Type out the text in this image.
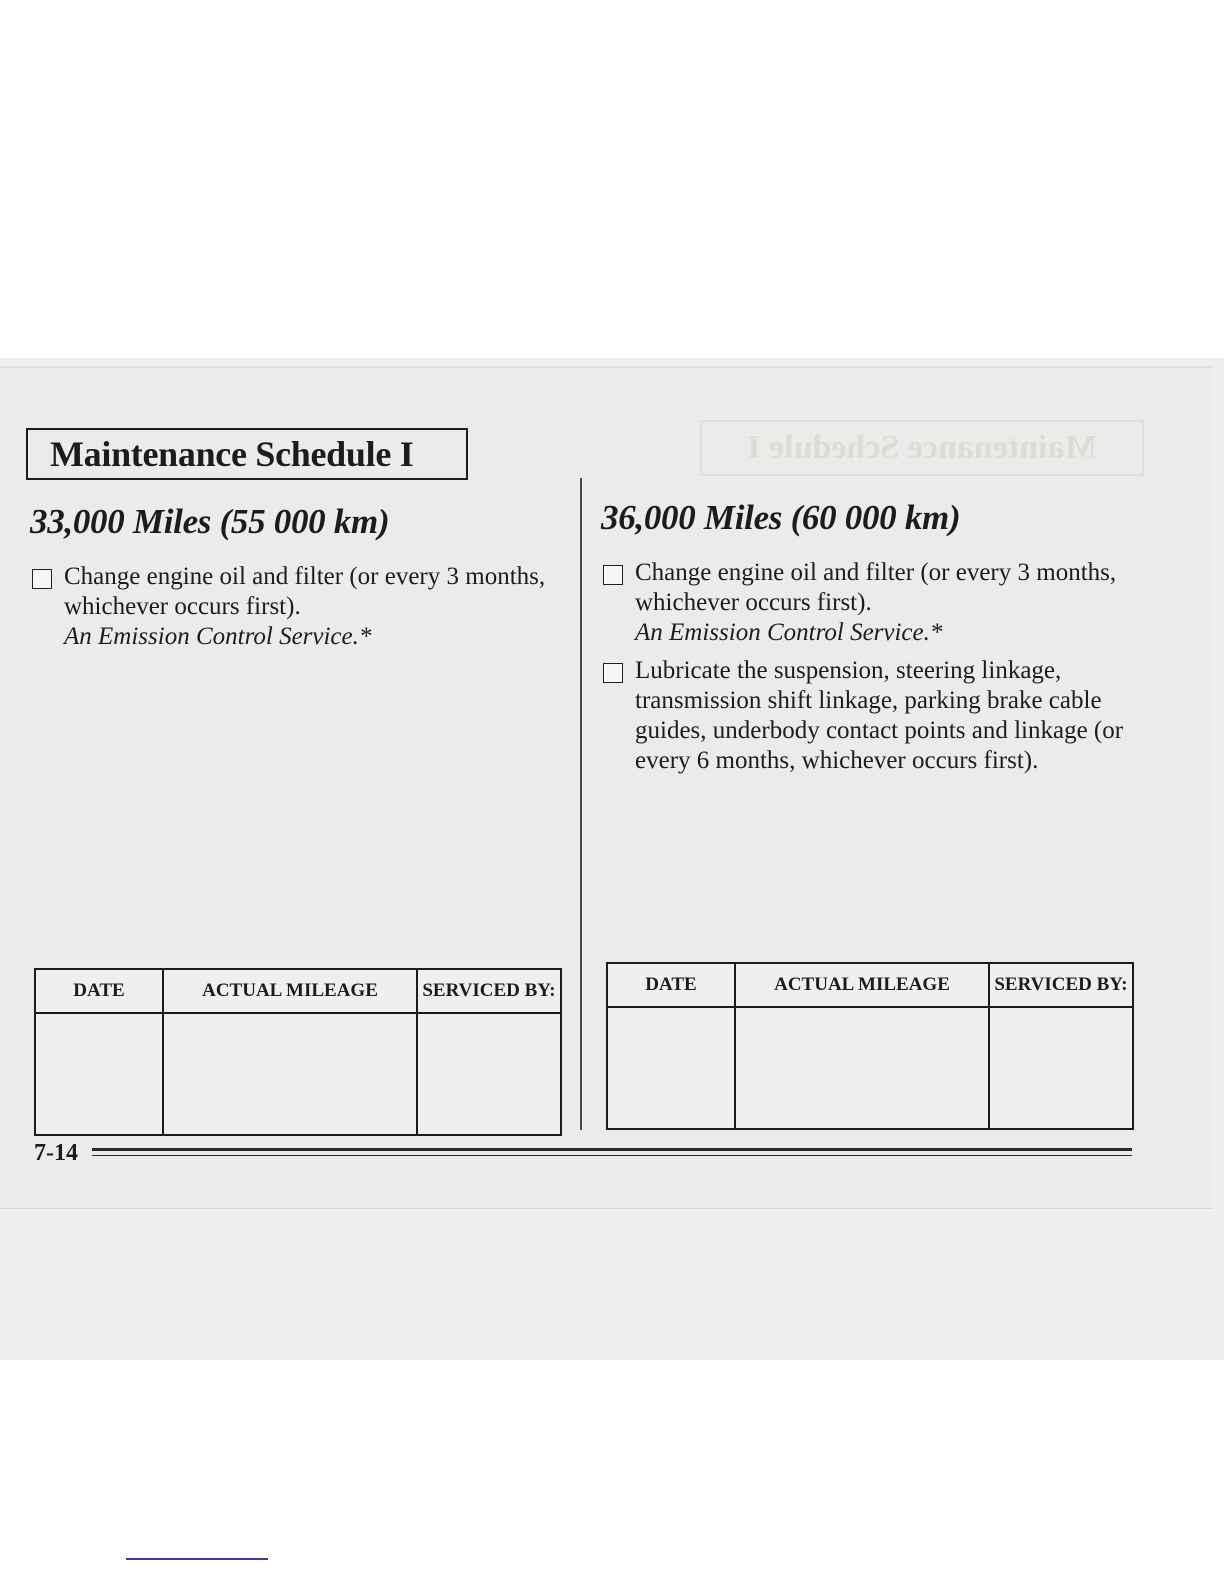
Maintenance Schedule I
Maintenance Schedule I
33,000 Miles (55 000 km)

Change engine oil and filter (or every 3 months, whichever occurs first).

An Emission Control Service.*

36,000 Miles (60 000 km)

Change engine oil and filter (or every 3 months, whichever occurs first).

An Emission Control Service.*

Lubricate the suspension, steering linkage, transmission shift linkage, parking brake cable guides, underbody contact points and linkage (or every 6 months, whichever occurs first).

DATE	ACTUAL MILEAGE	SERVICED BY:
			DATE	ACTUAL MILEAGE	SERVICED BY:

7-14
